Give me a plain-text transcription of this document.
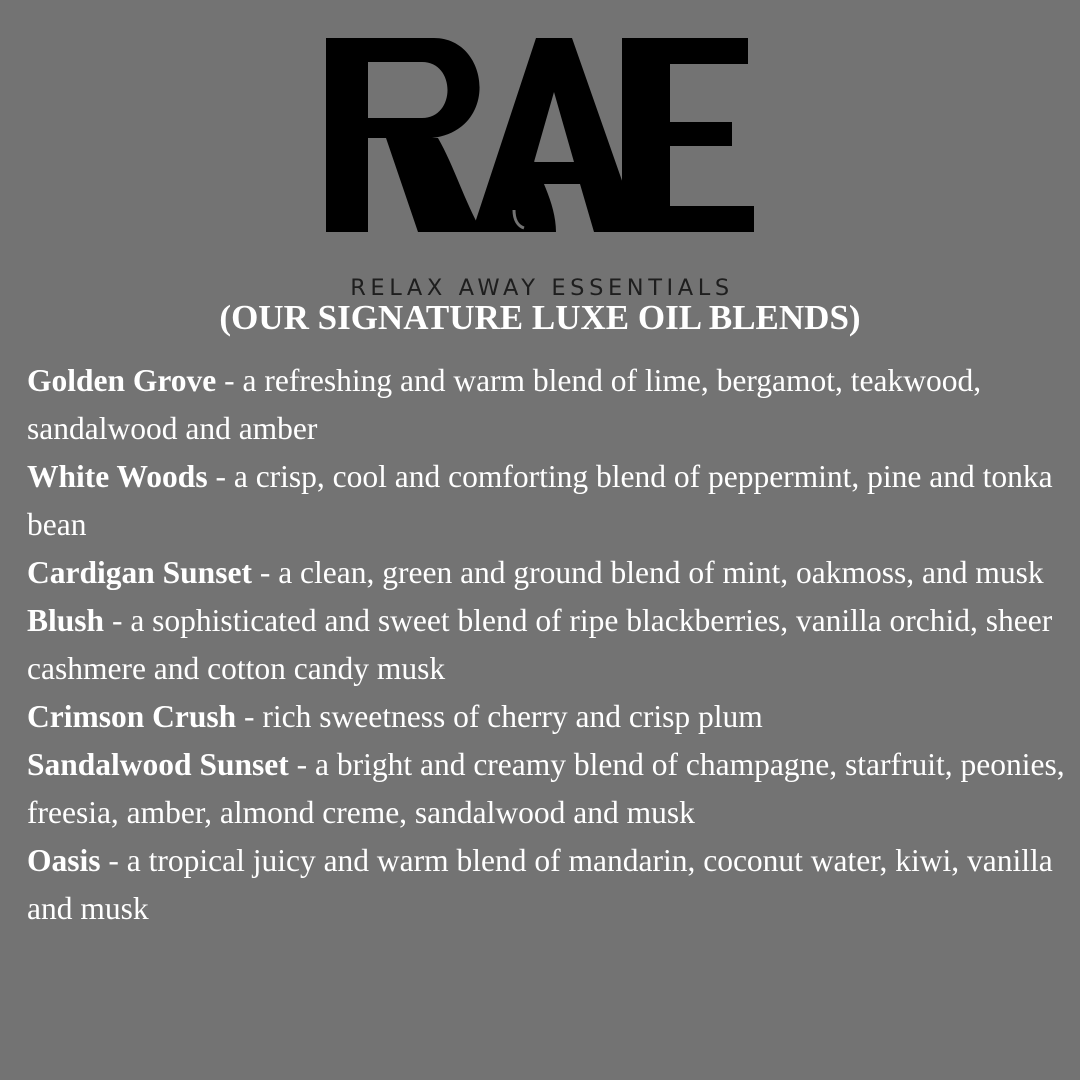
RELAX AWAY ESSENTIALS
(OUR SIGNATURE LUXE OIL BLENDS)
Golden Grove - a refreshing and warm blend of lime, bergamot, teakwood, sandalwood and amber
White Woods - a crisp, cool and comforting blend of peppermint, pine and tonka bean
Cardigan Sunset - a clean, green and ground blend of mint, oakmoss, and musk
Blush - a sophisticated and sweet blend of ripe blackberries, vanilla orchid, sheer cashmere and cotton candy musk
Crimson Crush - rich sweetness of cherry and crisp plum
Sandalwood Sunset - a bright and creamy blend of champagne, starfruit, peonies, freesia, amber, almond creme, sandalwood and musk
Oasis - a tropical juicy and warm blend of mandarin, coconut water, kiwi, vanilla and musk
